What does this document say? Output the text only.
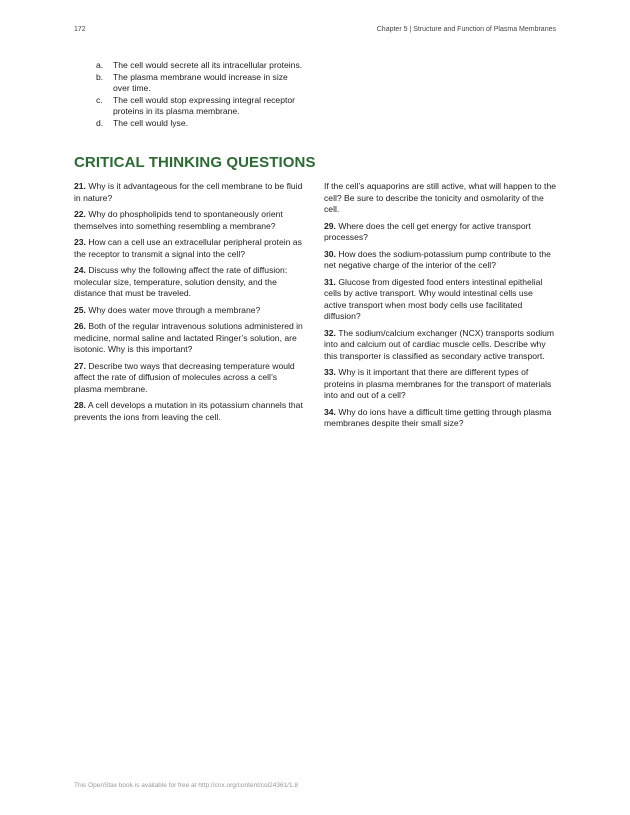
172	Chapter 5 | Structure and Function of Plasma Membranes
a. The cell would secrete all its intracellular proteins.
b. The plasma membrane would increase in size over time.
c. The cell would stop expressing integral receptor proteins in its plasma membrane.
d. The cell would lyse.
CRITICAL THINKING QUESTIONS

21. Why is it advantageous for the cell membrane to be fluid in nature?

22. Why do phospholipids tend to spontaneously orient themselves into something resembling a membrane?

23. How can a cell use an extracellular peripheral protein as the receptor to transmit a signal into the cell?

24. Discuss why the following affect the rate of diffusion: molecular size, temperature, solution density, and the distance that must be traveled.

25. Why does water move through a membrane?

26. Both of the regular intravenous solutions administered in medicine, normal saline and lactated Ringer’s solution, are isotonic. Why is this important?

27. Describe two ways that decreasing temperature would affect the rate of diffusion of molecules across a cell’s plasma membrane.

28. A cell develops a mutation in its potassium channels that prevents the ions from leaving the cell.

If the cell’s aquaporins are still active, what will happen to the cell? Be sure to describe the tonicity and osmolarity of the cell.

29. Where does the cell get energy for active transport processes?

30. How does the sodium-potassium pump contribute to the net negative charge of the interior of the cell?

31. Glucose from digested food enters intestinal epithelial cells by active transport. Why would intestinal cells use active transport when most body cells use facilitated diffusion?

32. The sodium/calcium exchanger (NCX) transports sodium into and calcium out of cardiac muscle cells. Describe why this transporter is classified as secondary active transport.

33. Why is it important that there are different types of proteins in plasma membranes for the transport of materials into and out of a cell?

34. Why do ions have a difficult time getting through plasma membranes despite their small size?

This OpenStax book is available for free at http://cnx.org/content/col24361/1.8
